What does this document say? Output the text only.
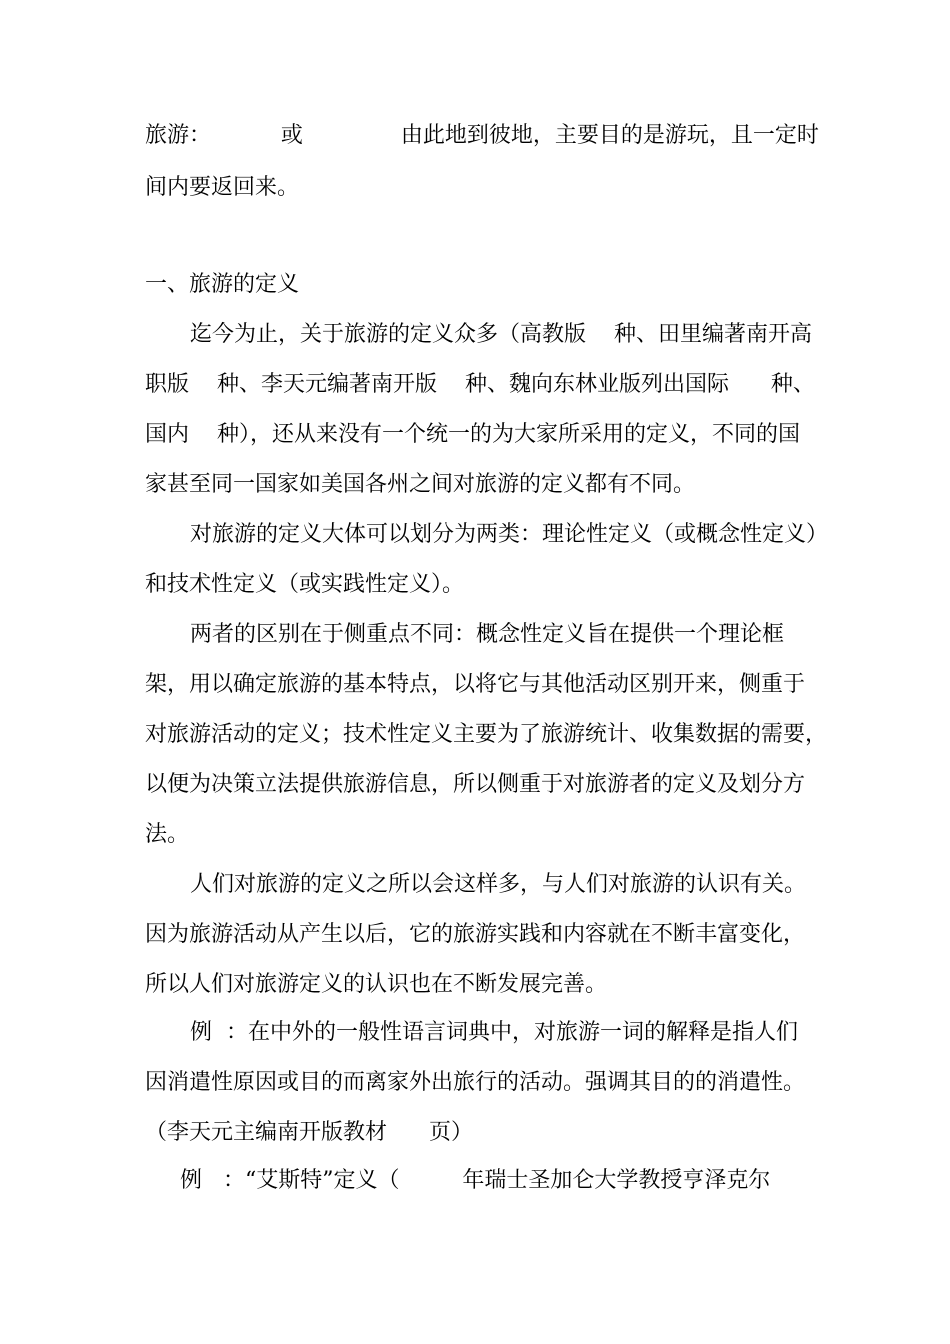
旅游：          或              由此地到彼地，主要目的是游玩，且一定时

间内要返回来。

一、旅游的定义

迄今为止，关于旅游的定义众多（高教版    种、田里编著南开高

职版    种、李天元编著南开版    种、魏向东林业版列出国际      种、

国内    种），还从来没有一个统一的为大家所采用的定义，不同的国

家甚至同一国家如美国各州之间对旅游的定义都有不同。

对旅游的定义大体可以划分为两类：理论性定义（或概念性定义）

和技术性定义（或实践性定义）。

两者的区别在于侧重点不同：概念性定义旨在提供一个理论框

架，用以确定旅游的基本特点，以将它与其他活动区别开来，侧重于

对旅游活动的定义；技术性定义主要为了旅游统计、收集数据的需要，

以便为决策立法提供旅游信息，所以侧重于对旅游者的定义及划分方

法。

人们对旅游的定义之所以会这样多，与人们对旅游的认识有关。

因为旅游活动从产生以后，它的旅游实践和内容就在不断丰富变化，

所以人们对旅游定义的认识也在不断发展完善。

例  ：在中外的一般性语言词典中，对旅游一词的解释是指人们

因消遣性原因或目的而离家外出旅行的活动。强调其目的的消遣性。

（李天元主编南开版教材      页）

例   ：“艾斯特”定义（         年瑞士圣加仑大学教授亨泽克尔
